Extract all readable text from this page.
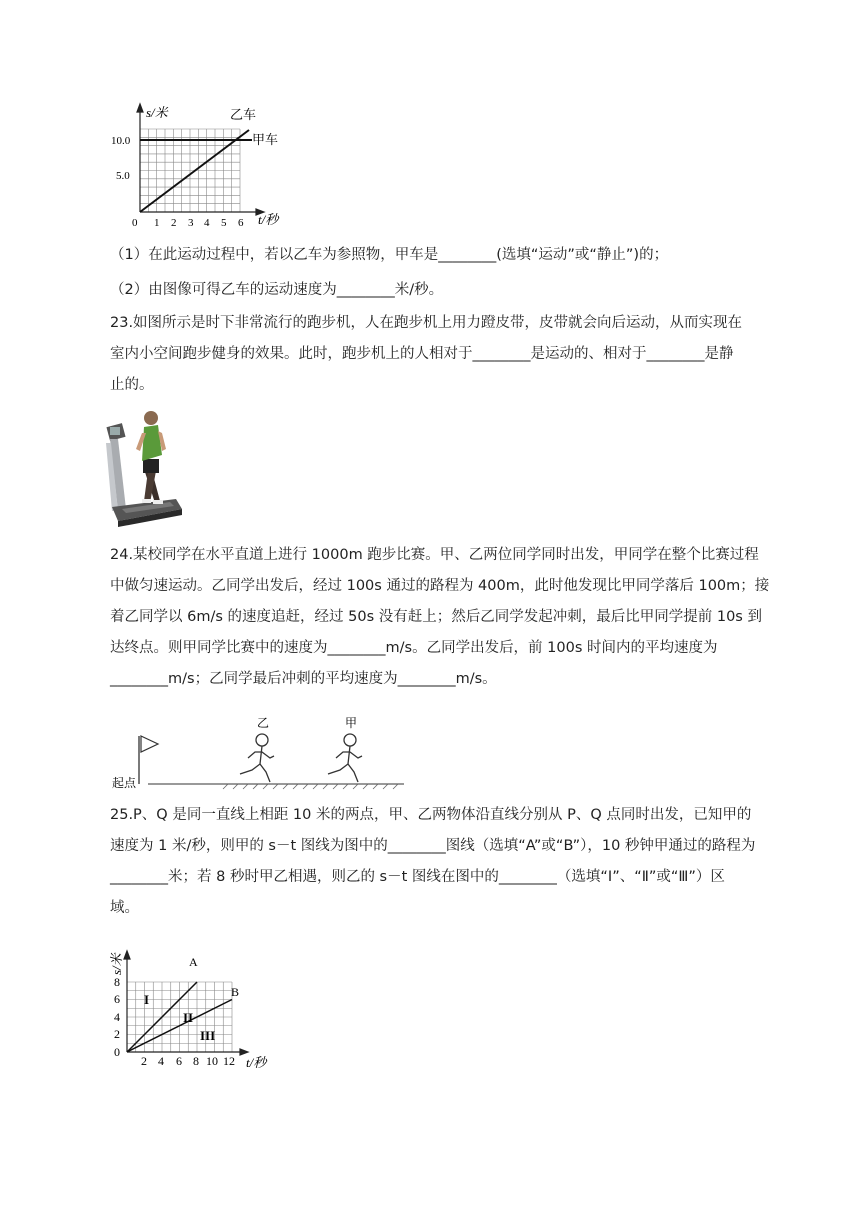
s/米
t/秒
10.0
5.0
0 1 2 3 4 5 6
乙车
甲车
（1）在此运动过程中，若以乙车为参照物，甲车是________(选填“运动”或“静止”)的；
（2）由图像可得乙车的运动速度为________米/秒。
23.如图所示是时下非常流行的跑步机，人在跑步机上用力蹬皮带，皮带就会向后运动，从而实现在
室内小空间跑步健身的效果。此时，跑步机上的人相对于________是运动的、相对于________是静
止的。
24.某校同学在水平直道上进行 1000m 跑步比赛。甲、乙两位同学同时出发，甲同学在整个比赛过程
中做匀速运动。乙同学出发后，经过 100s 通过的路程为 400m，此时他发现比甲同学落后 100m；接
着乙同学以 6m/s 的速度追赶，经过 50s 没有赶上；然后乙同学发起冲刺，最后比甲同学提前 10s 到
达终点。则甲同学比赛中的速度为________m/s。乙同学出发后，前 100s 时间内的平均速度为
________m/s；乙同学最后冲刺的平均速度为________m/s。
起点
乙	甲
25.P、Q 是同一直线上相距 10 米的两点，甲、乙两物体沿直线分别从 P、Q 点同时出发，已知甲的
速度为 1 米/秒，则甲的 s－t 图线为图中的________图线（选填“A”或“B”），10 秒钟甲通过的路程为
________米；若 8 秒时甲乙相遇，则乙的 s－t 图线在图中的________（选填“Ⅰ”、“Ⅱ”或“Ⅲ”）区
域。
s/米
t/秒
8
6
4
2
0
2 4 6 8 10 12
A
B
I
II
III
